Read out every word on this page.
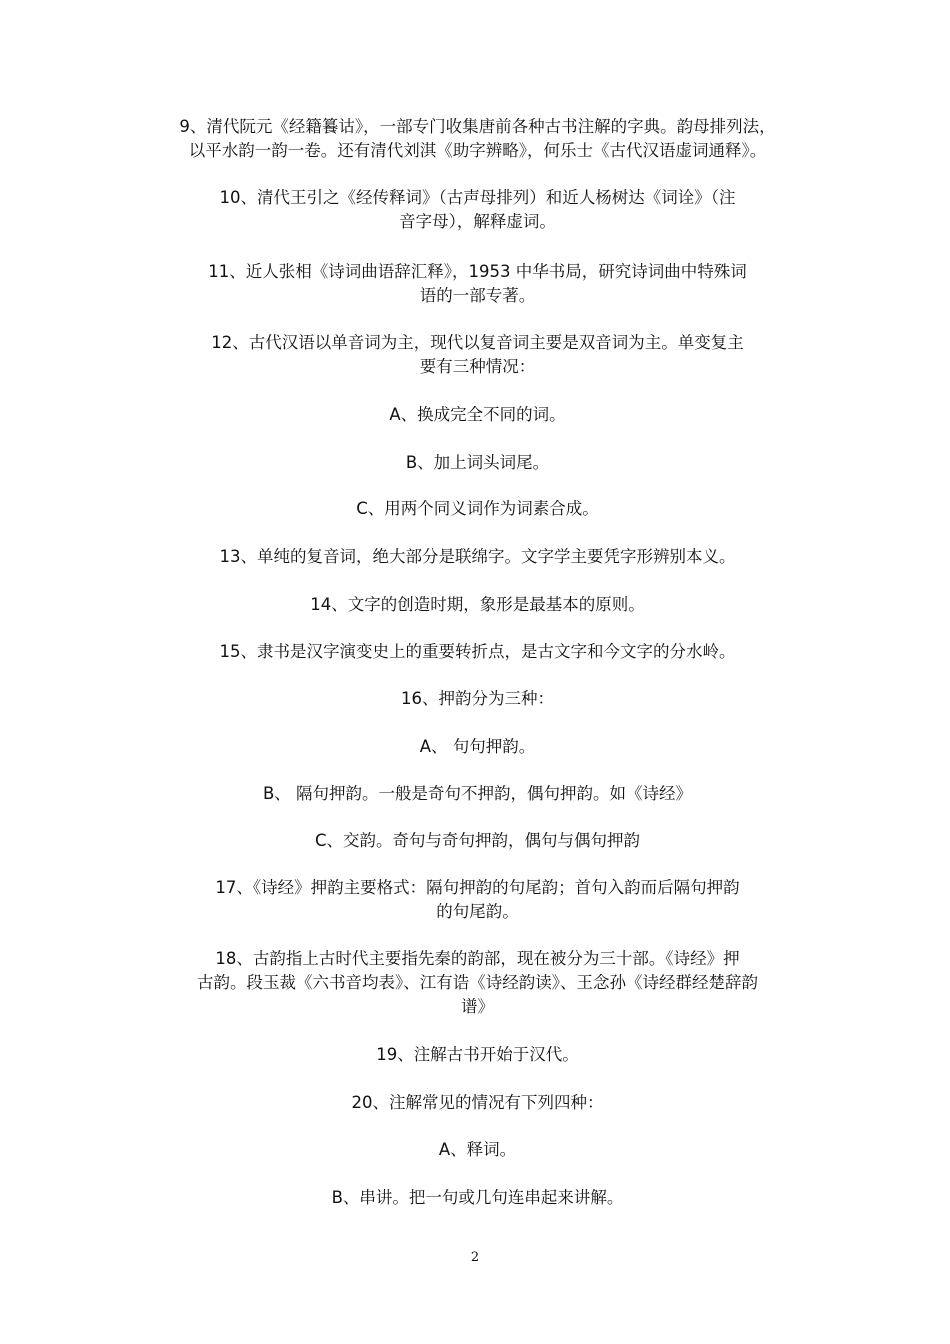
9、清代阮元《经籍籑诂》，一部专门收集唐前各种古书注解的字典。韵母排列法，
以平水韵一韵一卷。还有清代刘淇《助字辨略》，何乐士《古代汉语虚词通释》。
10、清代王引之《经传释词》（古声母排列）和近人杨树达《词诠》（注
音字母），解释虚词。
11、近人张相《诗词曲语辞汇释》，1953 中华书局，研究诗词曲中特殊词
语的一部专著。
12、古代汉语以单音词为主，现代以复音词主要是双音词为主。单变复主
要有三种情况：
A、换成完全不同的词。
B、加上词头词尾。
C、用两个同义词作为词素合成。
13、单纯的复音词，绝大部分是联绵字。文字学主要凭字形辨别本义。
14、文字的创造时期，象形是最基本的原则。
15、隶书是汉字演变史上的重要转折点，是古文字和今文字的分水岭。
16、押韵分为三种：
A、 句句押韵。
B、 隔句押韵。一般是奇句不押韵，偶句押韵。如《诗经》
C、交韵。奇句与奇句押韵，偶句与偶句押韵
17、《诗经》押韵主要格式：隔句押韵的句尾韵；首句入韵而后隔句押韵
的句尾韵。
18、古韵指上古时代主要指先秦的韵部，现在被分为三十部。《诗经》押
古韵。段玉裁《六书音均表》、江有诰《诗经韵读》、王念孙《诗经群经楚辞韵
谱》
19、注解古书开始于汉代。
20、注解常见的情况有下列四种：
A、释词。
B、串讲。把一句或几句连串起来讲解。
2
